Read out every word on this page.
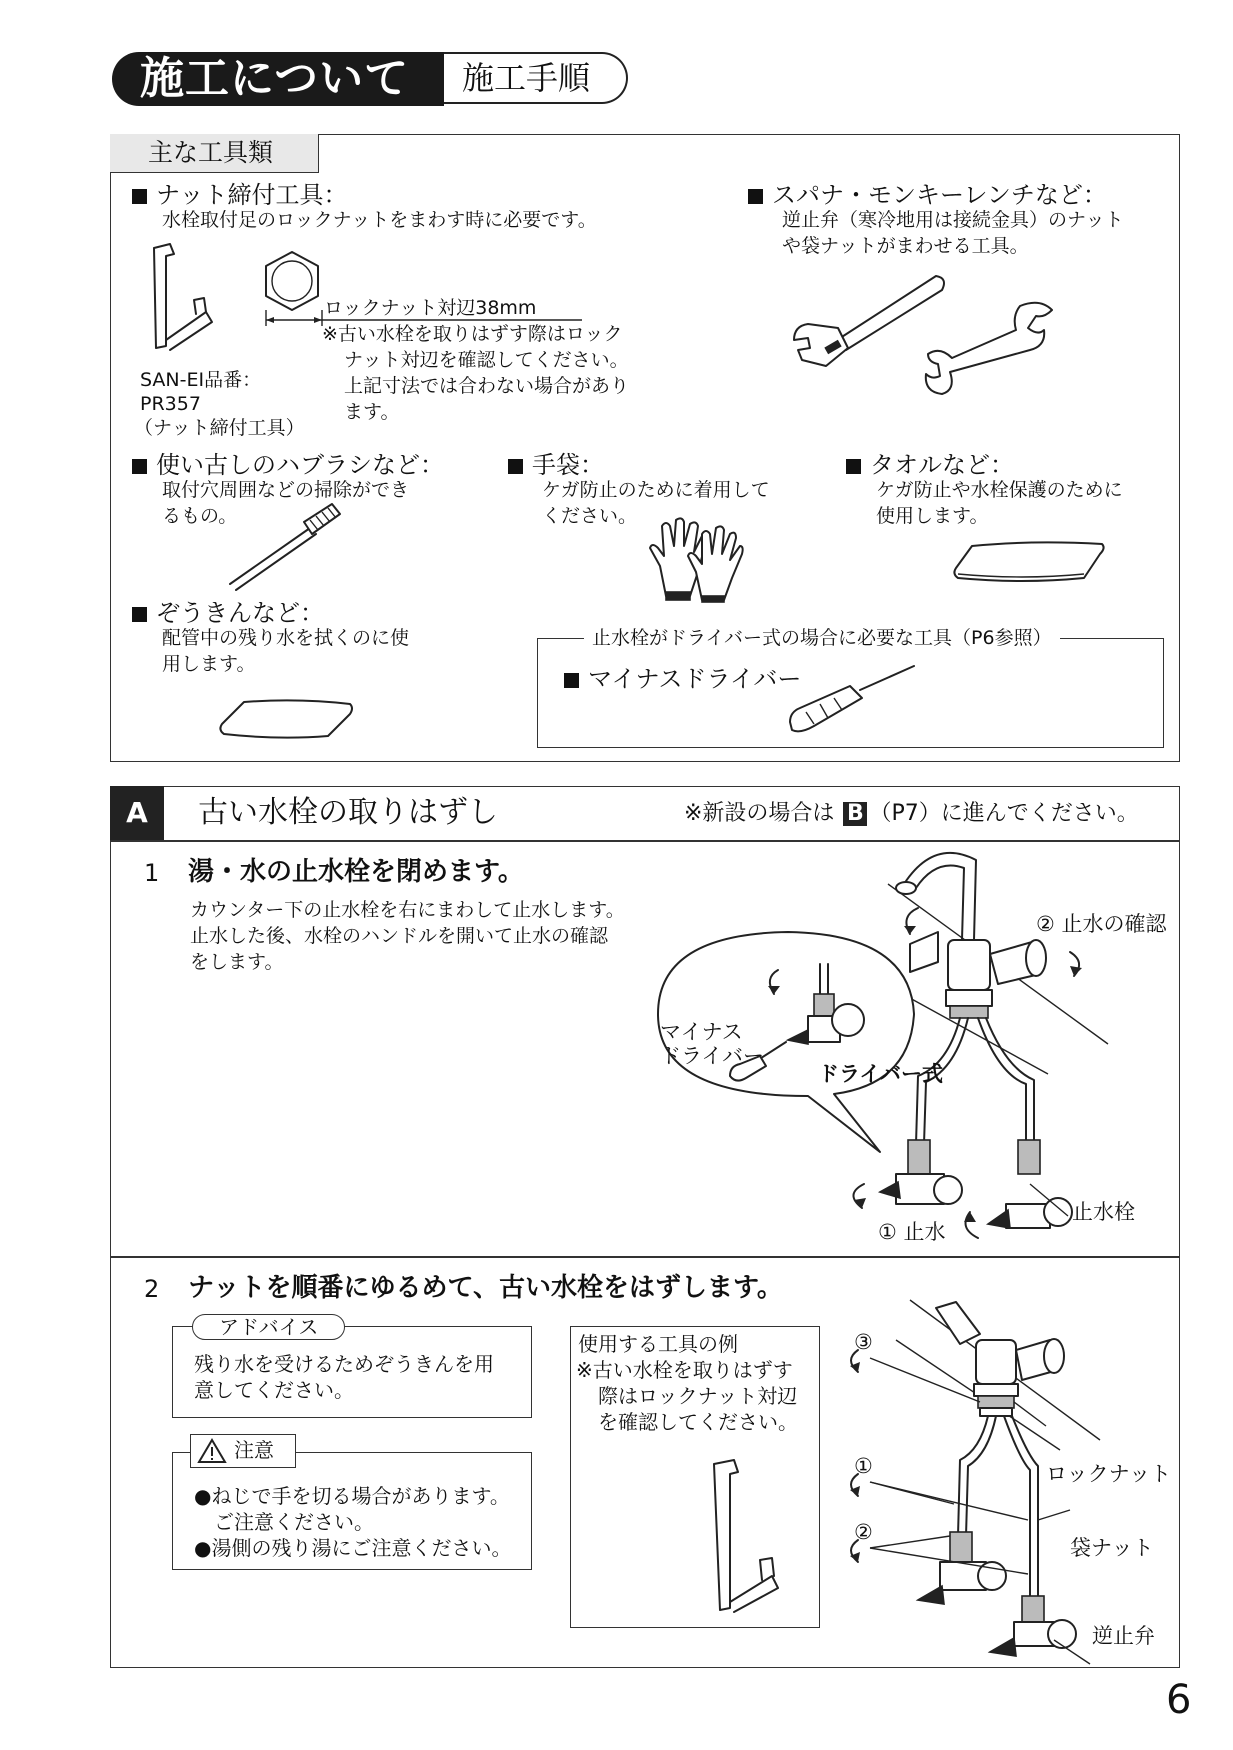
施工について 施工手順
主な工具類
ナット締付工具：
水栓取付足のロックナットをまわす時に必要です。
ロックナット対辺38mm
※古い水栓を取りはずす際はロック
ナット対辺を確認してください。
上記寸法では合わない場合があり
ます。
SAN-EI品番：
PR357
（ナット締付工具）
スパナ・モンキーレンチなど：
逆止弁（寒冷地用は接続金具）のナット
や袋ナットがまわせる工具。
使い古しのハブラシなど：
取付穴周囲などの掃除ができ
るもの。
手袋：
ケガ防止のために着用して
ください。
タオルなど：
ケガ防止や水栓保護のために
使用します。
ぞうきんなど：
配管中の残り水を拭くのに使
用します。
止水栓がドライバー式の場合に必要な工具（P6参照）
マイナスドライバー
A	古い水栓の取りはずし	※新設の場合は B （P7）に進んでください。
1 湯・水の止水栓を閉めます。
カウンター下の止水栓を右にまわして止水します。
止水した後、水栓のハンドルを開いて止水の確認
をします。
② 止水の確認
マイナス
ドライバー
ドライバー式
① 止水
止水栓
2 ナットを順番にゆるめて、古い水栓をはずします。
アドバイス
残り水を受けるためぞうきんを用
意してください。
注意
●ねじで手を切る場合があります。
ご注意ください。
●湯側の残り湯にご注意ください。
使用する工具の例
※古い水栓を取りはずす
際はロックナット対辺
を確認してください。
③
①
②
ロックナット
袋ナット
逆止弁
6
